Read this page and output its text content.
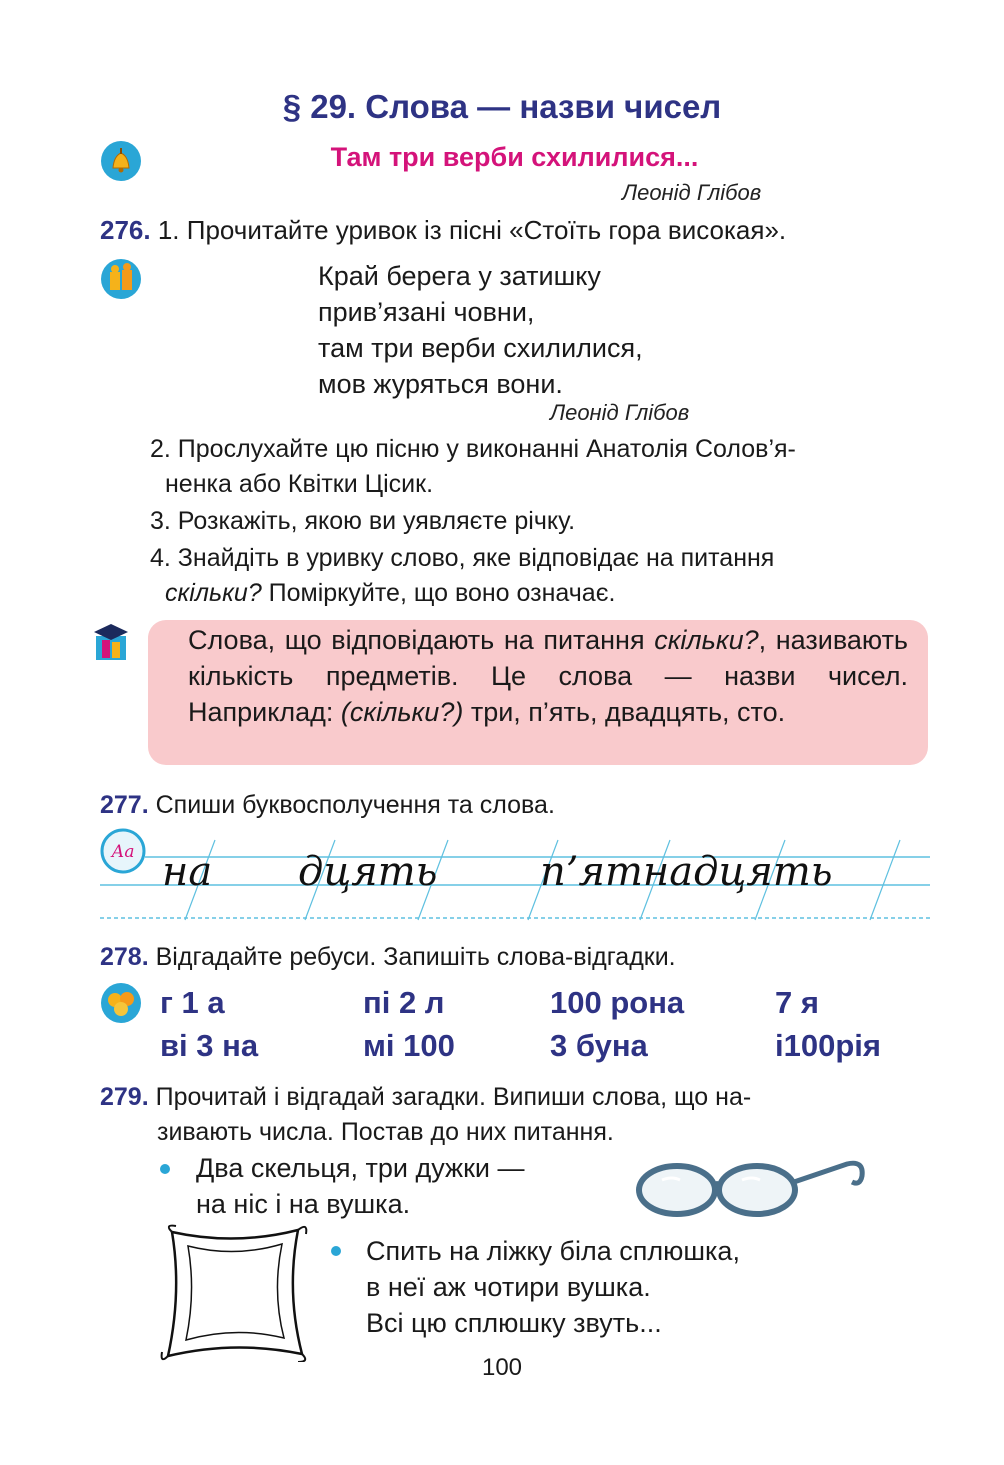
§ 29. Слова — назви чисел
Там три верби схилилися...
Леонід Глібов
276. 1. Прочитайте уривок із пісні «Стоїть гора високая».
Край берега у затишку
прив’язані човни,
там три верби схилилися,
мов журяться вони.
Леонід Глібов
2. Прослухайте цю пісню у виконанні Анатолія Солов’я-
ненка або Квітки Цісик.
3. Розкажіть, якою ви уявляєте річку.
4. Знайдіть в уривку слово, яке відповідає на питання
скільки? Поміркуйте, що воно означає.
Слова, що відповідають на питання скільки?, називають кількість предметів. Це слова — назви чисел. Наприклад: (скільки?) три, п’ять, двадцять, сто.
277. Спиши буквосполучення та слова.
Аа на дцять	п’ятнадцять
278. Відгадайте ребуси. Запишіть слова-відгадки.
г 1 а	пі 2 л	100 рона	7 я
ві 3 на	мі 100	3 буна	і100рія
279. Прочитай і відгадай загадки. Випиши слова, що на-
зивають числа. Постав до них питання.
Два скельця, три дужки —
на ніс і на вушка.
Спить на ліжку біла сплюшка,
в неї аж чотири вушка.
Всі цю сплюшку звуть...
100
